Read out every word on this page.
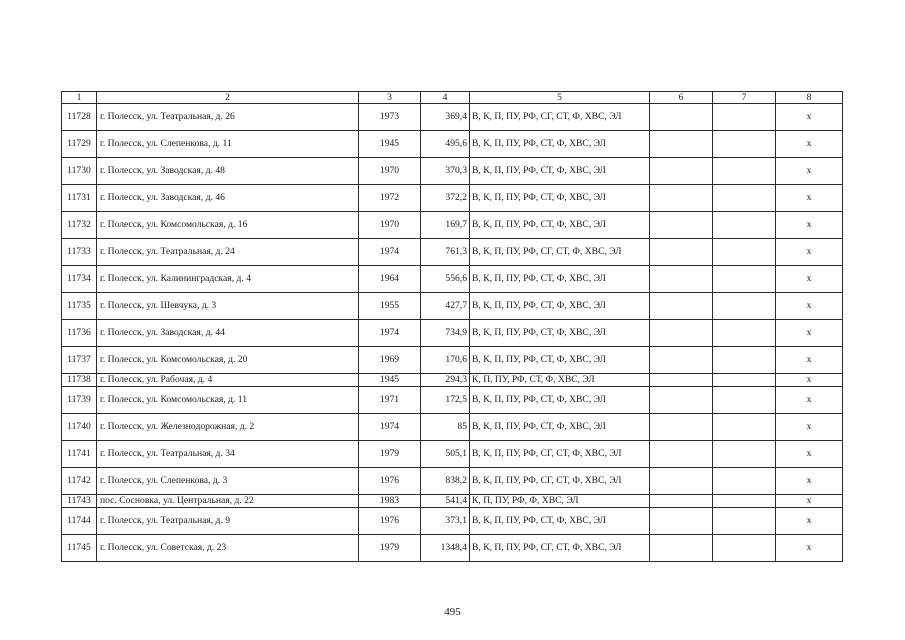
1	2	3	4	5	6	7	8
11728	г. Полесск, ул. Театральная, д. 26	1973	369,4	В, К, П, ПУ, РФ, СГ, СТ, Ф, ХВС, ЭЛ			х
11729	г. Полесск, ул. Слепенкова, д. 11	1945	495,6	В, К, П, ПУ, РФ, СТ, Ф, ХВС, ЭЛ			х
11730	г. Полесск, ул. Заводская, д. 48	1970	370,3	В, К, П, ПУ, РФ, СТ, Ф, ХВС, ЭЛ			х
11731	г. Полесск, ул. Заводская, д. 46	1972	372,2	В, К, П, ПУ, РФ, СТ, Ф, ХВС, ЭЛ			х
11732	г. Полесск, ул. Комсомольская, д. 16	1970	169,7	В, К, П, ПУ, РФ, СТ, Ф, ХВС, ЭЛ			х
11733	г. Полесск, ул. Театральная, д. 24	1974	761,3	В, К, П, ПУ, РФ, СГ, СТ, Ф, ХВС, ЭЛ			х
11734	г. Полесск, ул. Калининградская, д. 4	1964	556,6	В, К, П, ПУ, РФ, СТ, Ф, ХВС, ЭЛ			х
11735	г. Полесск, ул. Шевчука, д. 3	1955	427,7	В, К, П, ПУ, РФ, СТ, Ф, ХВС, ЭЛ			х
11736	г. Полесск, ул. Заводская, д. 44	1974	734,9	В, К, П, ПУ, РФ, СТ, Ф, ХВС, ЭЛ			х
11737	г. Полесск, ул. Комсомольская, д. 20	1969	170,6	В, К, П, ПУ, РФ, СТ, Ф, ХВС, ЭЛ			х
11738	г. Полесск, ул. Рабочая, д. 4	1945	294,3	К, П, ПУ, РФ, СТ, Ф, ХВС, ЭЛ			х
11739	г. Полесск, ул. Комсомольская, д. 11	1971	172,5	В, К, П, ПУ, РФ, СТ, Ф, ХВС, ЭЛ			х
11740	г. Полесск, ул. Железнодорожная, д. 2	1974	85	В, К, П, ПУ, РФ, СТ, Ф, ХВС, ЭЛ			х
11741	г. Полесск, ул. Театральная, д. 34	1979	505,1	В, К, П, ПУ, РФ, СГ, СТ, Ф, ХВС, ЭЛ			х
11742	г. Полесск, ул. Слепенкова, д. 3	1976	838,2	В, К, П, ПУ, РФ, СГ, СТ, Ф, ХВС, ЭЛ			х
11743	пос. Сосновка, ул. Центральная, д. 22	1983	541,4	К, П, ПУ, РФ, Ф, ХВС, ЭЛ			х
11744	г. Полесск, ул. Театральная, д. 9	1976	373,1	В, К, П, ПУ, РФ, СТ, Ф, ХВС, ЭЛ			х
11745	г. Полесск, ул. Советская, д. 23	1979	1348,4	В, К, П, ПУ, РФ, СГ, СТ, Ф, ХВС, ЭЛ			х
495
